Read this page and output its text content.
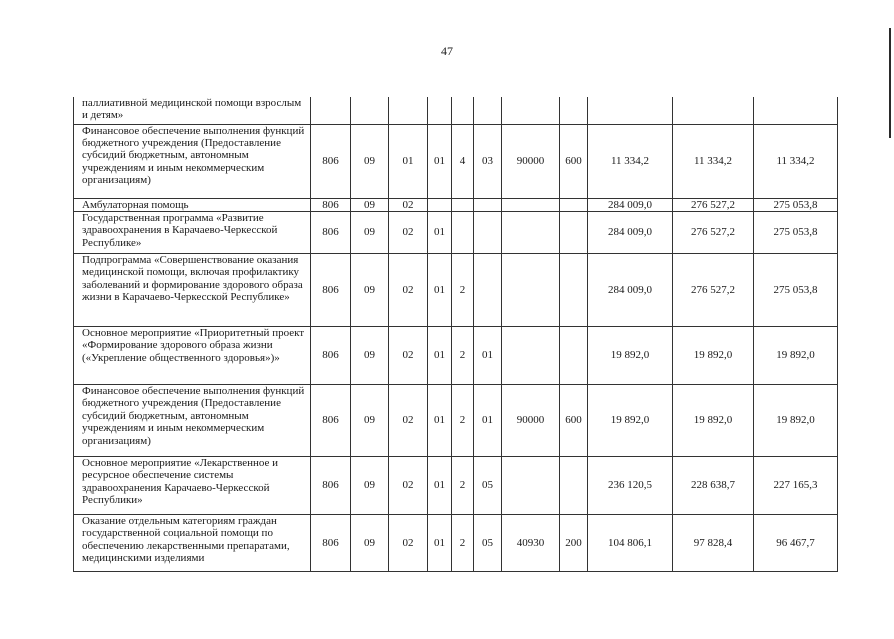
47
паллиативной медицинской помощи взрослым и детям»											
Финансовое обеспечение выполнения функций бюджетного учреждения (Предоставление субсидий бюджетным, автономным учреждениям и иным некоммерческим организациям)	806	09	01	01	4	03	90000	600	11 334,2	11 334,2	11 334,2
Амбулаторная помощь	806	09	02						284 009,0	276 527,2	275 053,8
Государственная программа «Развитие здравоохранения в Карачаево-Черкесской Республике»	806	09	02	01					284 009,0	276 527,2	275 053,8
Подпрограмма «Совершенствование оказания медицинской помощи, включая профилактику заболеваний и формирование здорового образа жизни в Карачаево-Черкесской Республике»	806	09	02	01	2				284 009,0	276 527,2	275 053,8
Основное мероприятие «Приоритетный проект «Формирование здорового образа жизни («Укрепление общественного здоровья»)»	806	09	02	01	2	01			19 892,0	19 892,0	19 892,0
Финансовое обеспечение выполнения функций бюджетного учреждения (Предоставление субсидий бюджетным, автономным учреждениям и иным некоммерческим организациям)	806	09	02	01	2	01	90000	600	19 892,0	19 892,0	19 892,0
Основное мероприятие «Лекарственное и ресурсное обеспечение системы здравоохранения Карачаево-Черкесской Республики»	806	09	02	01	2	05			236 120,5	228 638,7	227 165,3
Оказание отдельным категориям граждан государственной социальной помощи по обеспечению лекарственными препаратами, медицинскими изделиями	806	09	02	01	2	05	40930	200	104 806,1	97 828,4	96 467,7
